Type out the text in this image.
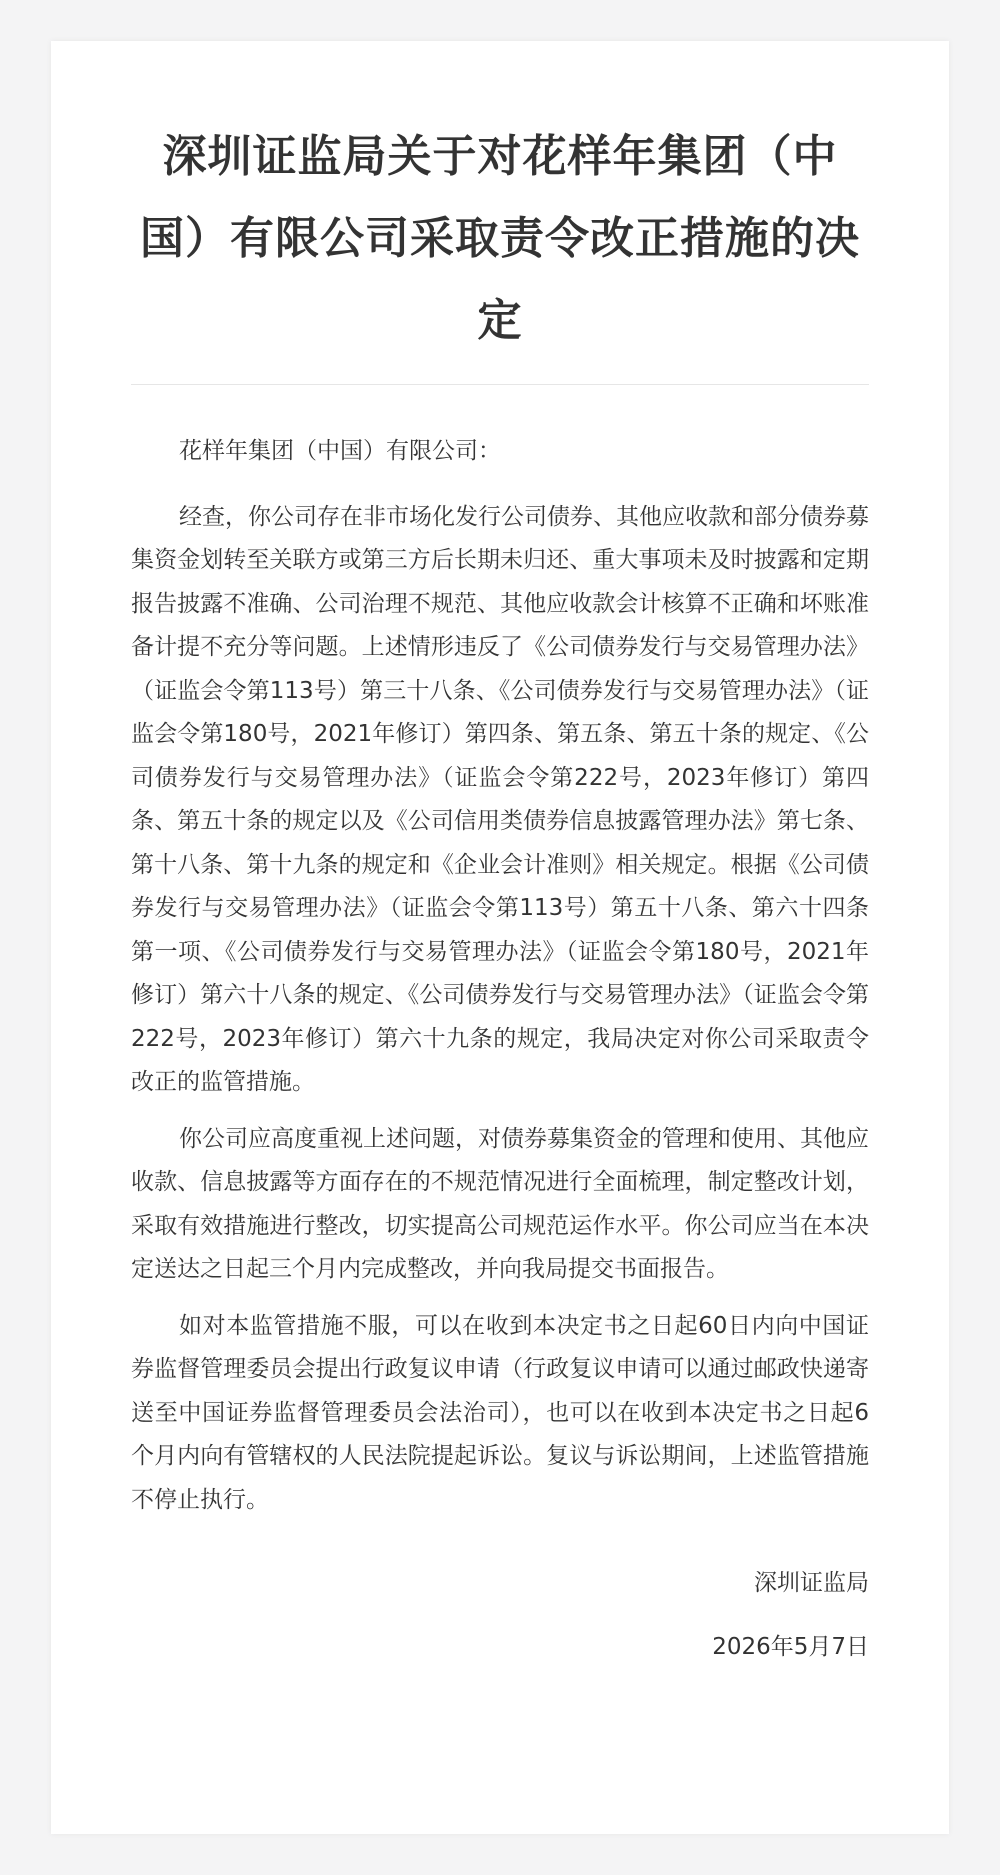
深圳证监局关于对花样年集团（中国）有限公司采取责令改正措施的决定

花样年集团（中国）有限公司：

经查，你公司存在非市场化发行公司债券、其他应收款和部分债券募集资金划转至关联方或第三方后长期未归还、重大事项未及时披露和定期报告披露不准确、公司治理不规范、其他应收款会计核算不正确和坏账准备计提不充分等问题。上述情形违反了《公司债券发行与交易管理办法》（证监会令第113号）第三十八条、《公司债券发行与交易管理办法》（证监会令第180号，2021年修订）第四条、第五条、第五十条的规定、《公司债券发行与交易管理办法》（证监会令第222号，2023年修订）第四条、第五十条的规定以及《公司信用类债券信息披露管理办法》第七条、第十八条、第十九条的规定和《企业会计准则》相关规定。根据《公司债券发行与交易管理办法》（证监会令第113号）第五十八条、第六十四条第一项、《公司债券发行与交易管理办法》（证监会令第180号，2021年修订）第六十八条的规定、《公司债券发行与交易管理办法》（证监会令第222号，2023年修订）第六十九条的规定，我局决定对你公司采取责令改正的监管措施。

你公司应高度重视上述问题，对债券募集资金的管理和使用、其他应收款、信息披露等方面存在的不规范情况进行全面梳理，制定整改计划，采取有效措施进行整改，切实提高公司规范运作水平。你公司应当在本决定送达之日起三个月内完成整改，并向我局提交书面报告。

如对本监管措施不服，可以在收到本决定书之日起60日内向中国证券监督管理委员会提出行政复议申请（行政复议申请可以通过邮政快递寄送至中国证券监督管理委员会法治司），也可以在收到本决定书之日起6个月内向有管辖权的人民法院提起诉讼。复议与诉讼期间，上述监管措施不停止执行。

深圳证监局
2026年5月7日
